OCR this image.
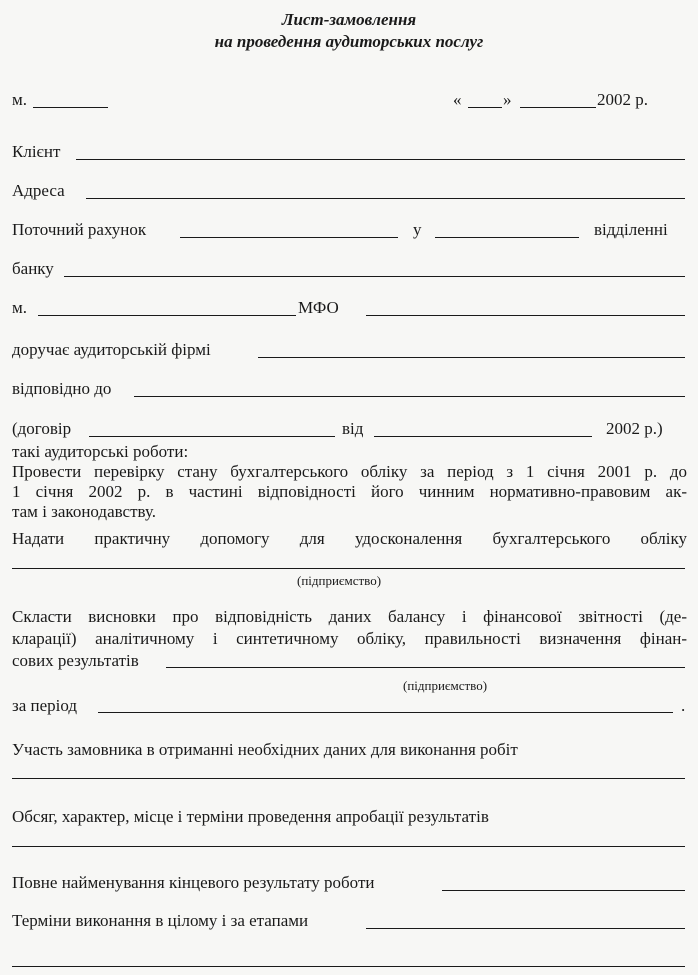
Лист-замовлення
на проведення аудиторських послуг
м.	« »	2002 р.
Клієнт
Адреса
Поточний рахунок	у	відділенні
банку
м.	МФО
доручає аудиторській фірмі
відповідно до
(договір	від	2002 р.)
такі аудиторські роботи:
Провести перевірку стану бухгалтерського обліку за період з 1 січня 2001 р. до
1 січня 2002 р. в частині відповідності його чинним нормативно-правовим ак-
там і законодавству.
Надати практичну допомогу для удосконалення бухгалтерського обліку
(підприємство)
Скласти висновки про відповідність даних балансу і фінансової звітності (де-
кларації) аналітичному і синтетичному обліку, правильності визначення фінан-
сових результатів
(підприємство)
за період	.
Участь замовника в отриманні необхідних даних для виконання робіт
Обсяг, характер, місце і терміни проведення апробації результатів
Повне найменування кінцевого результату роботи
Терміни виконання в цілому і за етапами
